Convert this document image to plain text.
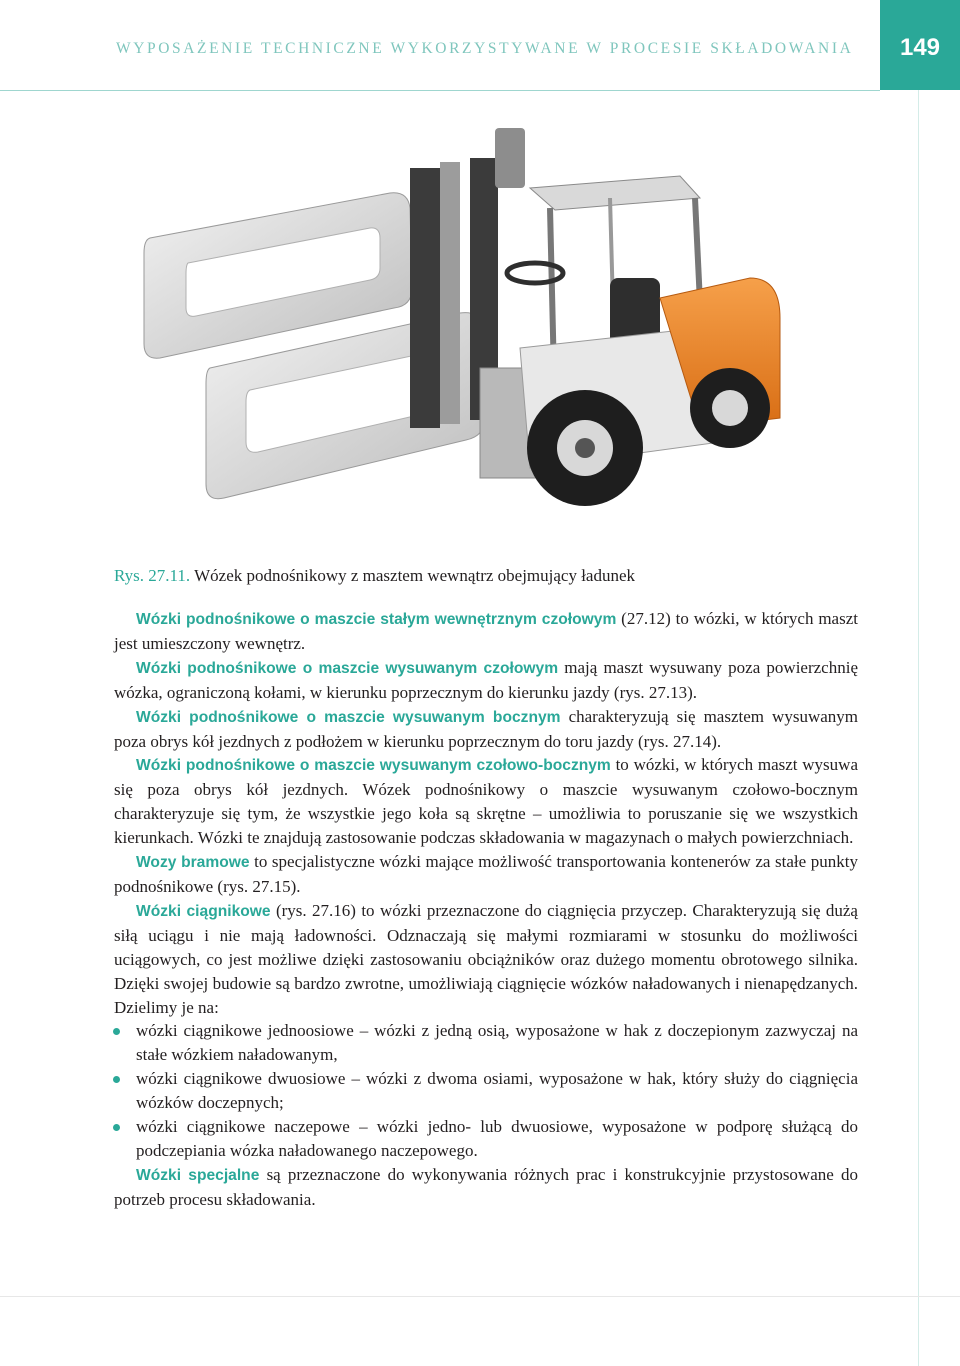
WYPOSAŻENIE TECHNICZNE WYKORZYSTYWANE W PROCESIE SKŁADOWANIA	149
Rys. 27.11. Wózek podnośnikowy z masztem wewnątrz obejmujący ładunek

Wózki podnośnikowe o maszcie stałym wewnętrznym czołowym (27.12) to wózki, w których maszt jest umieszczony wewnętrz.

Wózki podnośnikowe o maszcie wysuwanym czołowym mają maszt wysuwany poza powierzchnię wózka, ograniczoną kołami, w kierunku poprzecznym do kierunku jazdy (rys. 27.13).

Wózki podnośnikowe o maszcie wysuwanym bocznym charakteryzują się masztem wysuwanym poza obrys kół jezdnych z podłożem w kierunku poprzecznym do toru jazdy (rys. 27.14).

Wózki podnośnikowe o maszcie wysuwanym czołowo-bocznym to wózki, w których maszt wysuwa się poza obrys kół jezdnych. Wózek podnośnikowy o maszcie wysuwanym czołowo-bocznym charakteryzuje się tym, że wszystkie jego koła są skrętne – umożliwia to poruszanie się we wszystkich kierunkach. Wózki te znajdują zastosowanie podczas składowania w magazynach o małych powierzchniach.

Wozy bramowe to specjalistyczne wózki mające możliwość transportowania kontenerów za stałe punkty podnośnikowe (rys. 27.15).

Wózki ciągnikowe (rys. 27.16) to wózki przeznaczone do ciągnięcia przyczep. Charakteryzują się dużą siłą uciągu i nie mają ładowności. Odznaczają się małymi rozmiarami w stosunku do możliwości uciągowych, co jest możliwe dzięki zastosowaniu obciążników oraz dużego momentu obrotowego silnika. Dzięki swojej budowie są bardzo zwrotne, umożliwiają ciągnięcie wózków naładowanych i nienapędzanych. Dzielimy je na:

wózki ciągnikowe jednoosiowe – wózki z jedną osią, wyposażone w hak z doczepionym zazwyczaj na stałe wózkiem naładowanym,
wózki ciągnikowe dwuosiowe – wózki z dwoma osiami, wyposażone w hak, który służy do ciągnięcia wózków doczepnych;
wózki ciągnikowe naczepowe – wózki jedno- lub dwuosiowe, wyposażone w podporę służącą do podczepiania wózka naładowanego naczepowego.

Wózki specjalne są przeznaczone do wykonywania różnych prac i konstrukcyjnie przystosowane do potrzeb procesu składowania.
